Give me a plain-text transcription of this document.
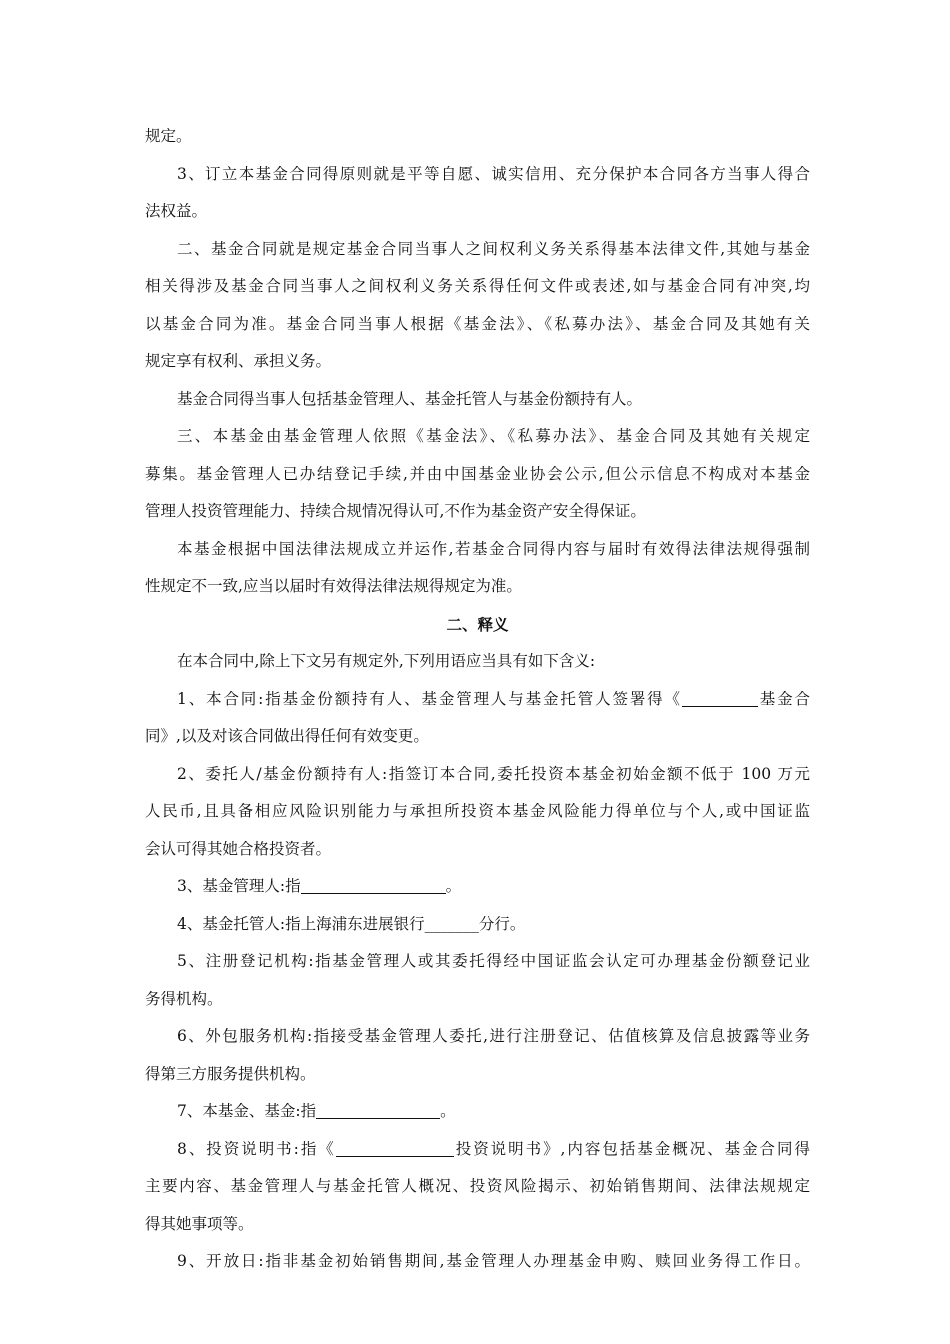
规定。
3、订立本基金合同得原则就是平等自愿、诚实信用、充分保护本合同各方当事人得合
法权益。
二、基金合同就是规定基金合同当事人之间权利义务关系得基本法律文件,其她与基金
相关得涉及基金合同当事人之间权利义务关系得任何文件或表述,如与基金合同有冲突,均
以基金合同为准。基金合同当事人根据《基金法》、《私募办法》、基金合同及其她有关
规定享有权利、承担义务。
基金合同得当事人包括基金管理人、基金托管人与基金份额持有人。
三、本基金由基金管理人依照《基金法》、《私募办法》、基金合同及其她有关规定
募集。基金管理人已办结登记手续,并由中国基金业协会公示,但公示信息不构成对本基金
管理人投资管理能力、持续合规情况得认可,不作为基金资产安全得保证。
本基金根据中国法律法规成立并运作,若基金合同得内容与届时有效得法律法规得强制
性规定不一致,应当以届时有效得法律法规得规定为准。
二、释义
在本合同中,除上下文另有规定外,下列用语应当具有如下含义:
1、本合同:指基金份额持有人、基金管理人与基金托管人签署得《	基金合
同》,以及对该合同做出得任何有效变更。
2、委托人/基金份额持有人:指签订本合同,委托投资本基金初始金额不低于 100 万元
人民币,且具备相应风险识别能力与承担所投资本基金风险能力得单位与个人,或中国证监
会认可得其她合格投资者。
3、基金管理人:指	。
4、基金托管人:指上海浦东进展银行_______分行。
5、注册登记机构:指基金管理人或其委托得经中国证监会认定可办理基金份额登记业
务得机构。
6、外包服务机构:指接受基金管理人委托,进行注册登记、估值核算及信息披露等业务
得第三方服务提供机构。
7、本基金、基金:指	。
8、投资说明书:指《	投资说明书》,内容包括基金概况、基金合同得
主要内容、基金管理人与基金托管人概况、投资风险揭示、初始销售期间、法律法规规定
得其她事项等。
9、开放日:指非基金初始销售期间,基金管理人办理基金申购、赎回业务得工作日。
